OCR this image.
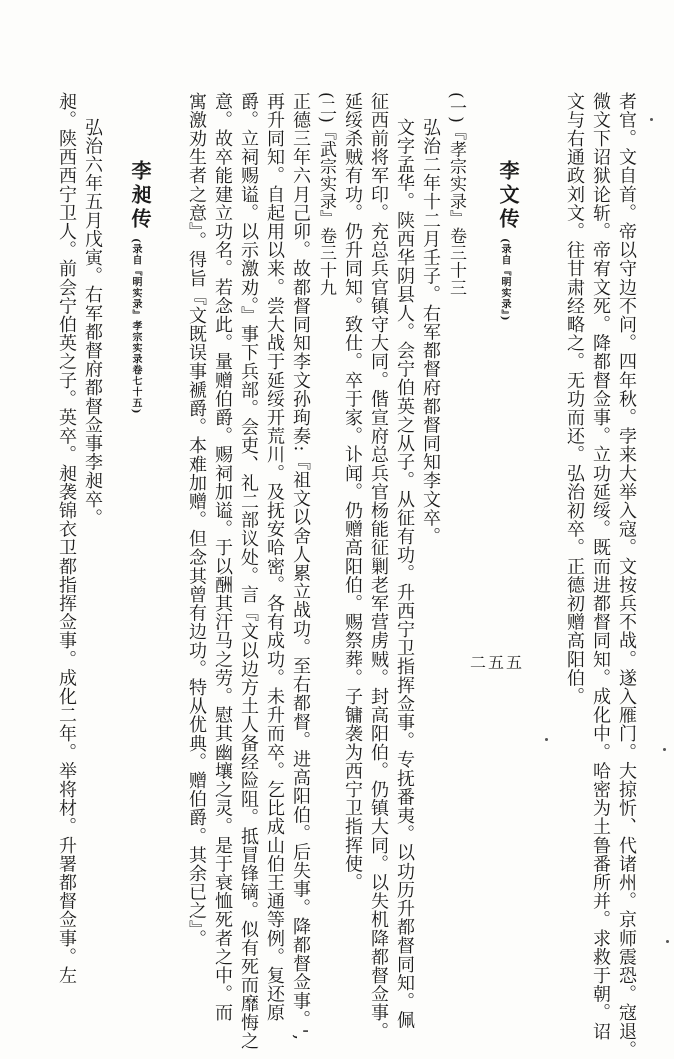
者官。文自首。帝以守边不问。四年秋。孛来大举入寇。文按兵不战。遂入雁门。大掠忻、代诸州。京师震恐。寇退。
微文下诏狱论斩。帝宥文死。降都督佥事。立功延绥。既而进都督同知。成化中。哈密为土鲁番所并。求救于朝。诏
文与右通政刘文。往甘肃经略之。无功而还。弘治初卒。正德初赠高阳伯。
李文传
(录自『明实录』)
(一)『孝宗实录』卷三十三
弘治二年十二月壬子。右军都督府都督同知李文卒。
文字孟华。陕西华阴县人。会宁伯英之从子。从征有功。升西宁卫指挥佥事。专抚番夷。以功历升都督同知。佩
征西前将军印。充总兵官镇守大同。偕宣府总兵官杨能征剿老军营虏贼。封高阳伯。仍镇大同。以失机降都督佥事。
延绥杀贼有功。仍升同知。致仕。卒于家。讣闻。仍赠高阳伯。赐祭葬。子镛袭为西宁卫指挥使。
(二)『武宗实录』卷三十九
正德三年六月己卯。故都督同知李文孙珣奏:『祖文以舍人累立战功。至右都督。进高阳伯。后失事。降都督佥事。',
再升同知。自起用以来。尝大战于延绥开荒川。及抚安哈密。各有成功。未升而卒。乞比成山伯王通等例。复还原
爵。立祠赐谥。以示激劝。』事下兵部。会吏、礼二部议处。言『文以边方土人备经险阻。抵冒锋镝。似有死而靡悔之
意。故卒能建立功名。若念此。量赠伯爵。赐祠加谥。于以酬其汗马之劳。慰其幽壤之灵。是于衰恤死者之中。而
寓激劝生者之意』。得旨『文既误事褫爵。本难加赠。但念其曾有边功。特从优典。赠伯爵。其余已之』。
李昶传
(录自『明实录』孝宗实录卷七十五)
弘治六年五月戊寅。右军都督府都督佥事李昶卒。
昶。陕西西宁卫人。前会宁伯英之子。英卒。昶袭锦衣卫都指挥佥事。成化二年。举将材。升署都督佥事。左	二五五
